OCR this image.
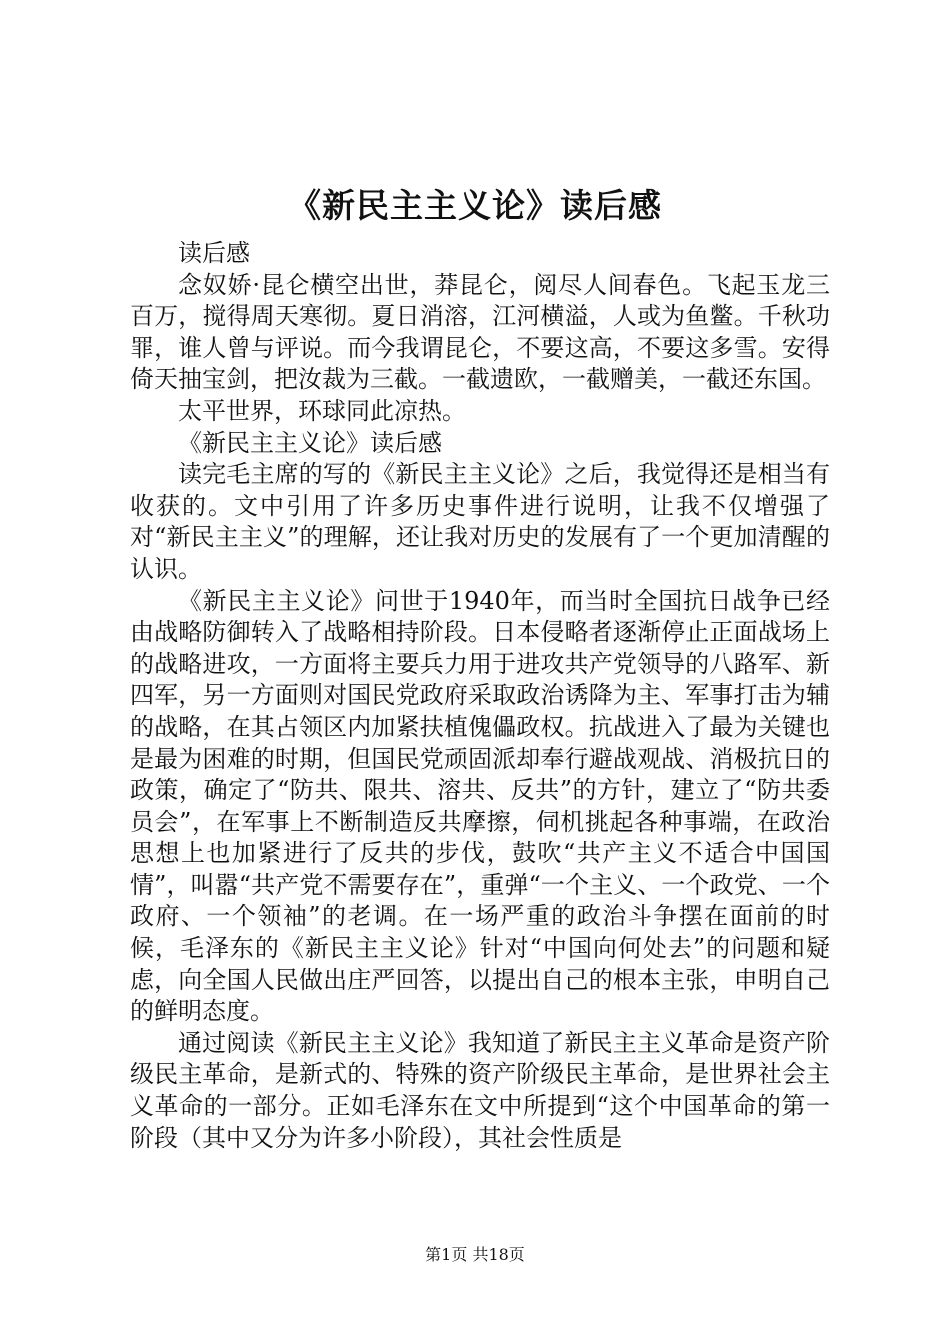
《新民主主义论》读后感

读后感

念奴娇·昆仑横空出世，莽昆仑，阅尽人间春色。飞起玉龙三百万，搅得周天寒彻。夏日消溶，江河横溢，人或为鱼鳖。千秋功罪，谁人曾与评说。而今我谓昆仑，不要这高，不要这多雪。安得倚天抽宝剑，把汝裁为三截。一截遗欧，一截赠美，一截还东国。

太平世界，环球同此凉热。

《新民主主义论》读后感

读完毛主席的写的《新民主主义论》之后，我觉得还是相当有收获的。文中引用了许多历史事件进行说明，让我不仅增强了对“新民主主义”的理解，还让我对历史的发展有了一个更加清醒的认识。

《新民主主义论》问世于1940年，而当时全国抗日战争已经由战略防御转入了战略相持阶段。日本侵略者逐渐停止正面战场上的战略进攻，一方面将主要兵力用于进攻共产党领导的八路军、新四军，另一方面则对国民党政府采取政治诱降为主、军事打击为辅的战略，在其占领区内加紧扶植傀儡政权。抗战进入了最为关键也是最为困难的时期，但国民党顽固派却奉行避战观战、消极抗日的政策，确定了“防共、限共、溶共、反共”的方针，建立了“防共委员会”，在军事上不断制造反共摩擦，伺机挑起各种事端，在政治思想上也加紧进行了反共的步伐，鼓吹“共产主义不适合中国国情”，叫嚣“共产党不需要存在”，重弹“一个主义、一个政党、一个政府、一个领袖”的老调。在一场严重的政治斗争摆在面前的时候，毛泽东的《新民主主义论》针对“中国向何处去”的问题和疑虑，向全国人民做出庄严回答，以提出自己的根本主张，申明自己的鲜明态度。

通过阅读《新民主主义论》我知道了新民主主义革命是资产阶级民主革命，是新式的、特殊的资产阶级民主革命，是世界社会主义革命的一部分。正如毛泽东在文中所提到“这个中国革命的第一阶段（其中又分为许多小阶段），其社会性质是

第1页 共18页
